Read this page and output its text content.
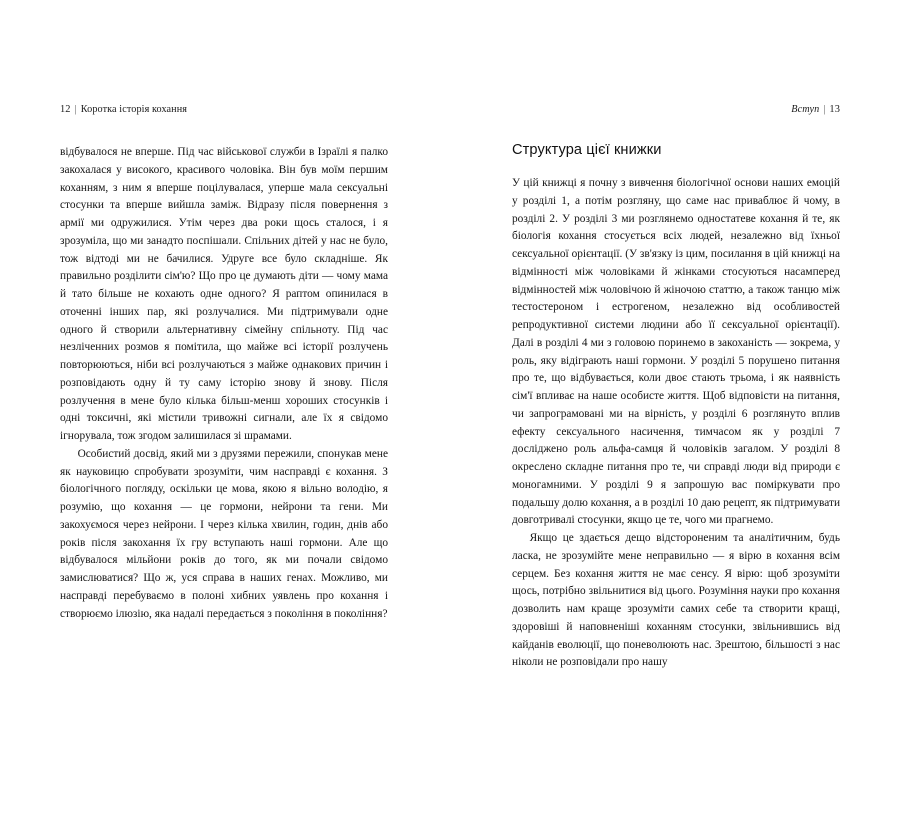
12 | Коротка історія кохання

відбувалося не вперше. Під час військової служби в Ізраїлі я палко закохалася у високого, красивого чоловіка. Він був моїм першим коханням, з ним я вперше поцілувалася, уперше мала сексуальні стосунки та вперше вийшла заміж. Відразу після повернення з армії ми одружилися. Утім через два роки щось сталося, і я зрозуміла, що ми занадто поспішали. Спільних дітей у нас не було, тож відтоді ми не бачилися. Удруге все було складніше. Як правильно розділити сім'ю? Що про це думають діти — чому мама й тато більше не кохають одне одного? Я раптом опинилася в оточенні інших пар, які розлучалися. Ми підтримували одне одного й створили альтернативну сімейну спільноту. Під час незліченних розмов я помітила, що майже всі історії розлучень повторюються, ніби всі розлучаються з майже однакових причин і розповідають одну й ту саму історію знову й знову. Після розлучення в мене було кілька більш-менш хороших стосунків і одні токсичні, які містили тривожні сигнали, але їх я свідомо ігнорувала, тож згодом залишилася зі шрамами.

Особистий досвід, який ми з друзями пережили, спонукав мене як науковицю спробувати зрозуміти, чим насправді є кохання. З біологічного погляду, оскільки це мова, якою я вільно володію, я розумію, що кохання — це гормони, нейрони та гени. Ми закохуємося через нейрони. І через кілька хвилин, годин, днів або років після закохання їх гру вступають наші гормони. Але що відбувалося мільйони років до того, як ми почали свідомо замислюватися? Що ж, уся справа в наших генах. Можливо, ми насправді перебуваємо в полоні хибних уявлень про кохання і створюємо ілюзію, яка надалі передається з покоління в покоління?

Вступ | 13
Структура цієї книжки

У цій книжці я почну з вивчення біологічної основи наших емоцій у розділі 1, а потім розгляну, що саме нас приваблює й чому, в розділі 2. У розділі 3 ми розглянемо одностатеве кохання й те, як біологія кохання стосується всіх людей, незалежно від їхньої сексуальної орієнтації. (У зв'язку із цим, посилання в цій книжці на відмінності між чоловіками й жінками стосуються насамперед відмінностей між чоловічою й жіночою статтю, а також танцю між тестостероном і естрогеном, незалежно від особливостей репродуктивної системи людини або її сексуальної орієнтації). Далі в розділі 4 ми з головою поринемо в закоханість — зокрема, у роль, яку відіграють наші гормони. У розділі 5 порушено питання про те, що відбувається, коли двоє стають трьома, і як наявність сім'ї впливає на наше особисте життя. Щоб відповісти на питання, чи запрограмовані ми на вірність, у розділі 6 розглянуто вплив ефекту сексуального насичення, тимчасом як у розділі 7 досліджено роль альфа-самця й чоловіків загалом. У розділі 8 окреслено складне питання про те, чи справді люди від природи є моногамними. У розділі 9 я запрошую вас поміркувати про подальшу долю кохання, а в розділі 10 даю рецепт, як підтримувати довготривалі стосунки, якщо це те, чого ми прагнемо.

Якщо це здається дещо відстороненим та аналітичним, будь ласка, не зрозумійте мене неправильно — я вірю в кохання всім серцем. Без кохання життя не має сенсу. Я вірю: щоб зрозуміти щось, потрібно звільнитися від цього. Розуміння науки про кохання дозволить нам краще зрозуміти самих себе та створити кращі, здоровіші й наповненіші коханням стосунки, звільнившись від кайданів еволюції, що поневолюють нас. Зрештою, більшості з нас ніколи не розповідали про нашу
